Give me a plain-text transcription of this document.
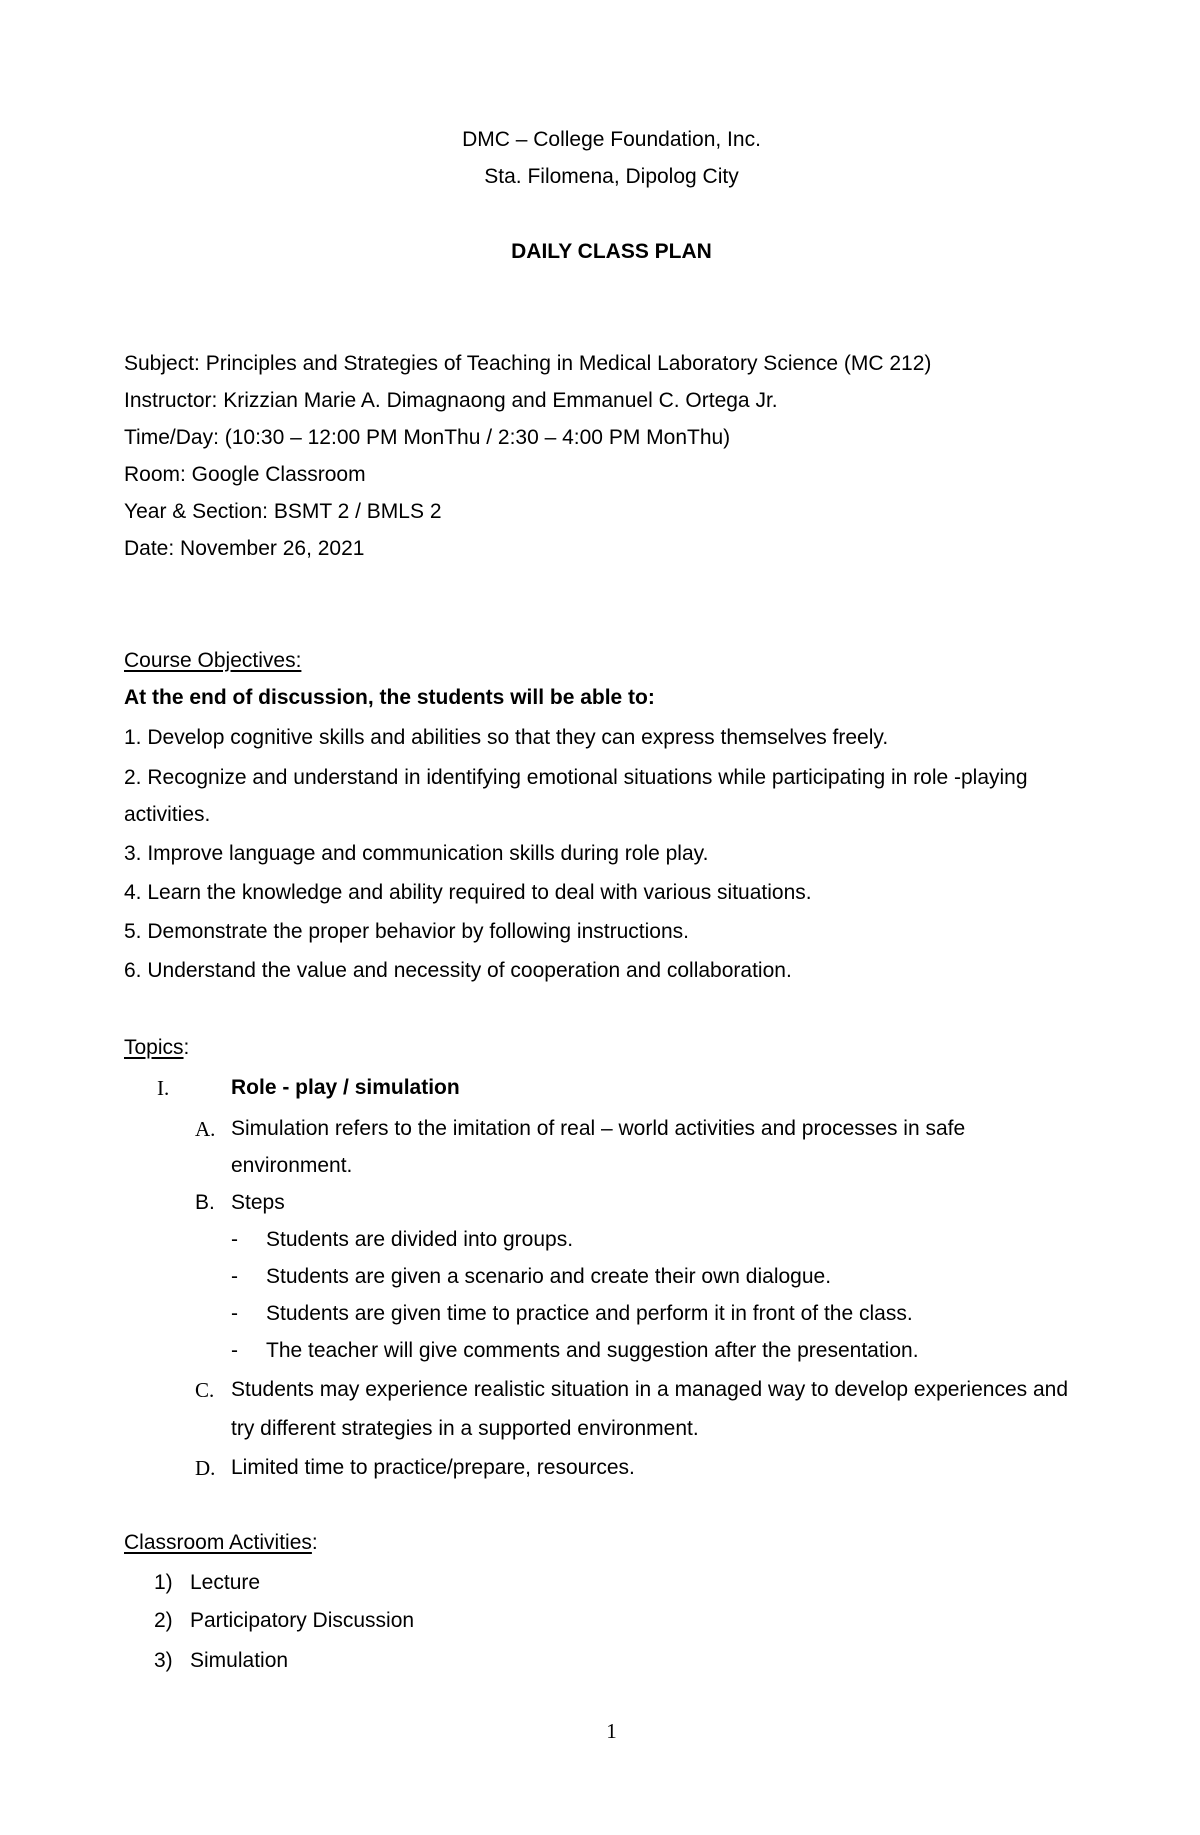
DMC – College Foundation, Inc.
Sta. Filomena, Dipolog City
DAILY CLASS PLAN
Subject: Principles and Strategies of Teaching in Medical Laboratory Science (MC 212)
Instructor: Krizzian Marie A. Dimagnaong and Emmanuel C. Ortega Jr.
Time/Day: (10:30 – 12:00 PM MonThu / 2:30 – 4:00 PM MonThu)
Room: Google Classroom
Year & Section: BSMT 2 / BMLS 2
Date: November 26, 2021
Course Objectives:
At the end of discussion, the students will be able to:
1. Develop cognitive skills and abilities so that they can express themselves freely.
2. Recognize and understand in identifying emotional situations while participating in role -playing
activities.
3. Improve language and communication skills during role play.
4. Learn the knowledge and ability required to deal with various situations.
5. Demonstrate the proper behavior by following instructions.
6. Understand the value and necessity of cooperation and collaboration.
Topics:
I.	Role - play / simulation
A. Simulation refers to the imitation of real – world activities and processes in safe
environment.
B. Steps
- Students are divided into groups.
- Students are given a scenario and create their own dialogue.
- Students are given time to practice and perform it in front of the class.
- The teacher will give comments and suggestion after the presentation.
C. Students may experience realistic situation in a managed way to develop experiences and
try different strategies in a supported environment.
D. Limited time to practice/prepare, resources.
Classroom Activities:
1) Lecture
2) Participatory Discussion
3) Simulation
1
